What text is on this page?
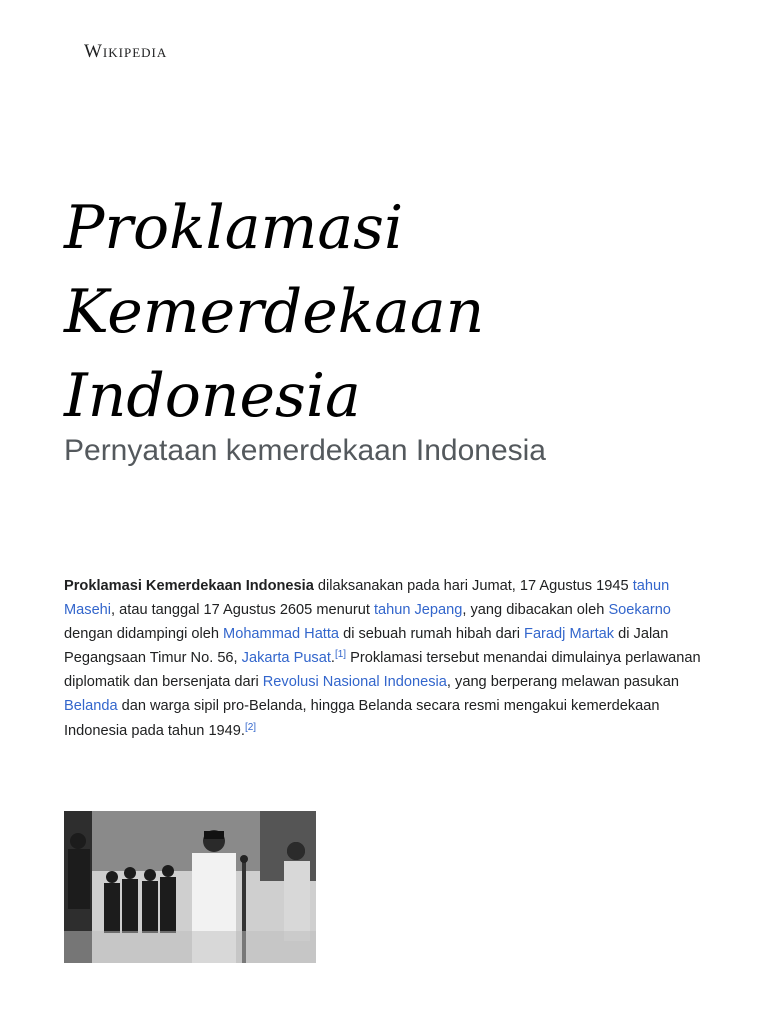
Wikipedia
Proklamasi
Kemerdekaan
Indonesia
Pernyataan kemerdekaan Indonesia

Proklamasi Kemerdekaan Indonesia dilaksanakan pada hari Jumat, 17 Agustus 1945 tahun Masehi, atau tanggal 17 Agustus 2605 menurut tahun Jepang, yang dibacakan oleh Soekarno dengan didampingi oleh Mohammad Hatta di sebuah rumah hibah dari Faradj Martak di Jalan Pegangsaan Timur No. 56, Jakarta Pusat.[1] Proklamasi tersebut menandai dimulainya perlawanan diplomatik dan bersenjata dari Revolusi Nasional Indonesia, yang berperang melawan pasukan Belanda dan warga sipil pro-Belanda, hingga Belanda secara resmi mengakui kemerdekaan Indonesia pada tahun 1949.[2]
